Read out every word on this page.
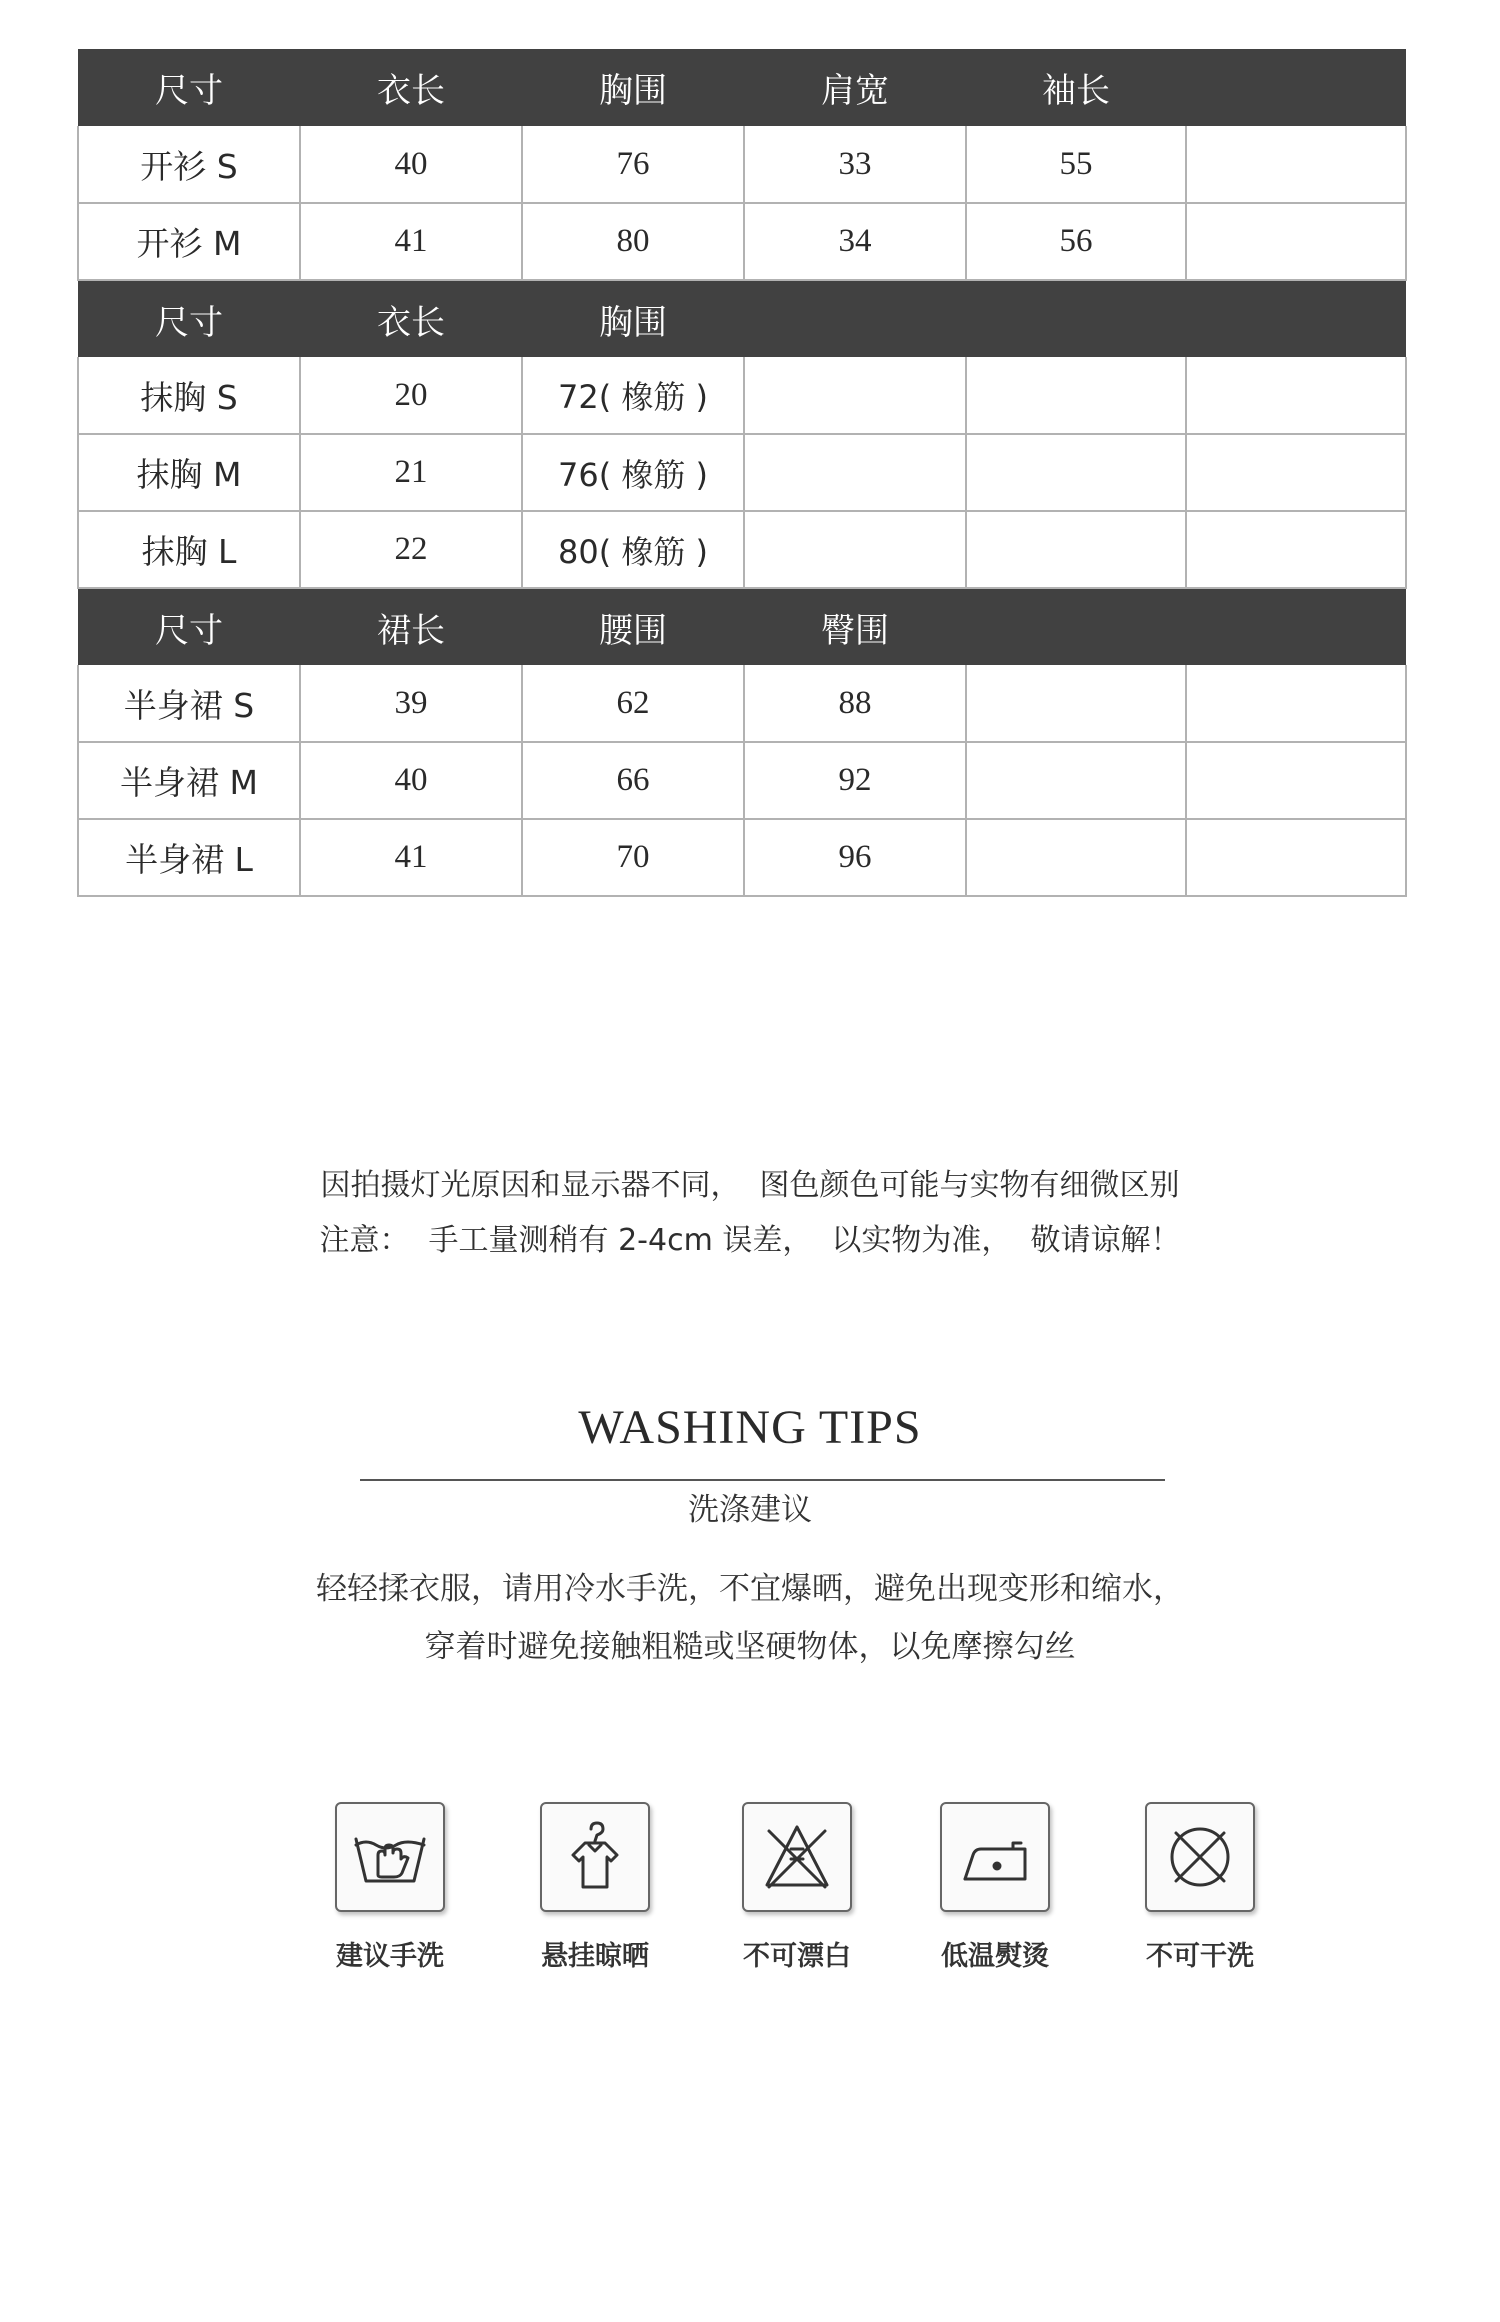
尺寸	衣长	胸围	肩宽	袖长	
开衫 S	40	76	33	55	
开衫 M	41	80	34	56	
尺寸	衣长	胸围			
抹胸 S	20	72( 橡筋 )			
抹胸 M	21	76( 橡筋 )			
抹胸 L	22	80( 橡筋 )			
尺寸	裙长	腰围	臀围		
半身裙 S	39	62	88		
半身裙 M	40	66	92		
半身裙 L	41	70	96		

因拍摄灯光原因和显示器不同，  图色颜色可能与实物有细微区别

注意：  手工量测稍有 2-4cm 误差，  以实物为准，  敬请谅解！

WASHING TIPS
洗涤建议

轻轻揉衣服，请用冷水手洗，不宜爆晒，避免出现变形和缩水，

穿着时避免接触粗糙或坚硬物体，以免摩擦勾丝

建议手洗	悬挂晾晒	不可漂白	低温熨烫	不可干洗
